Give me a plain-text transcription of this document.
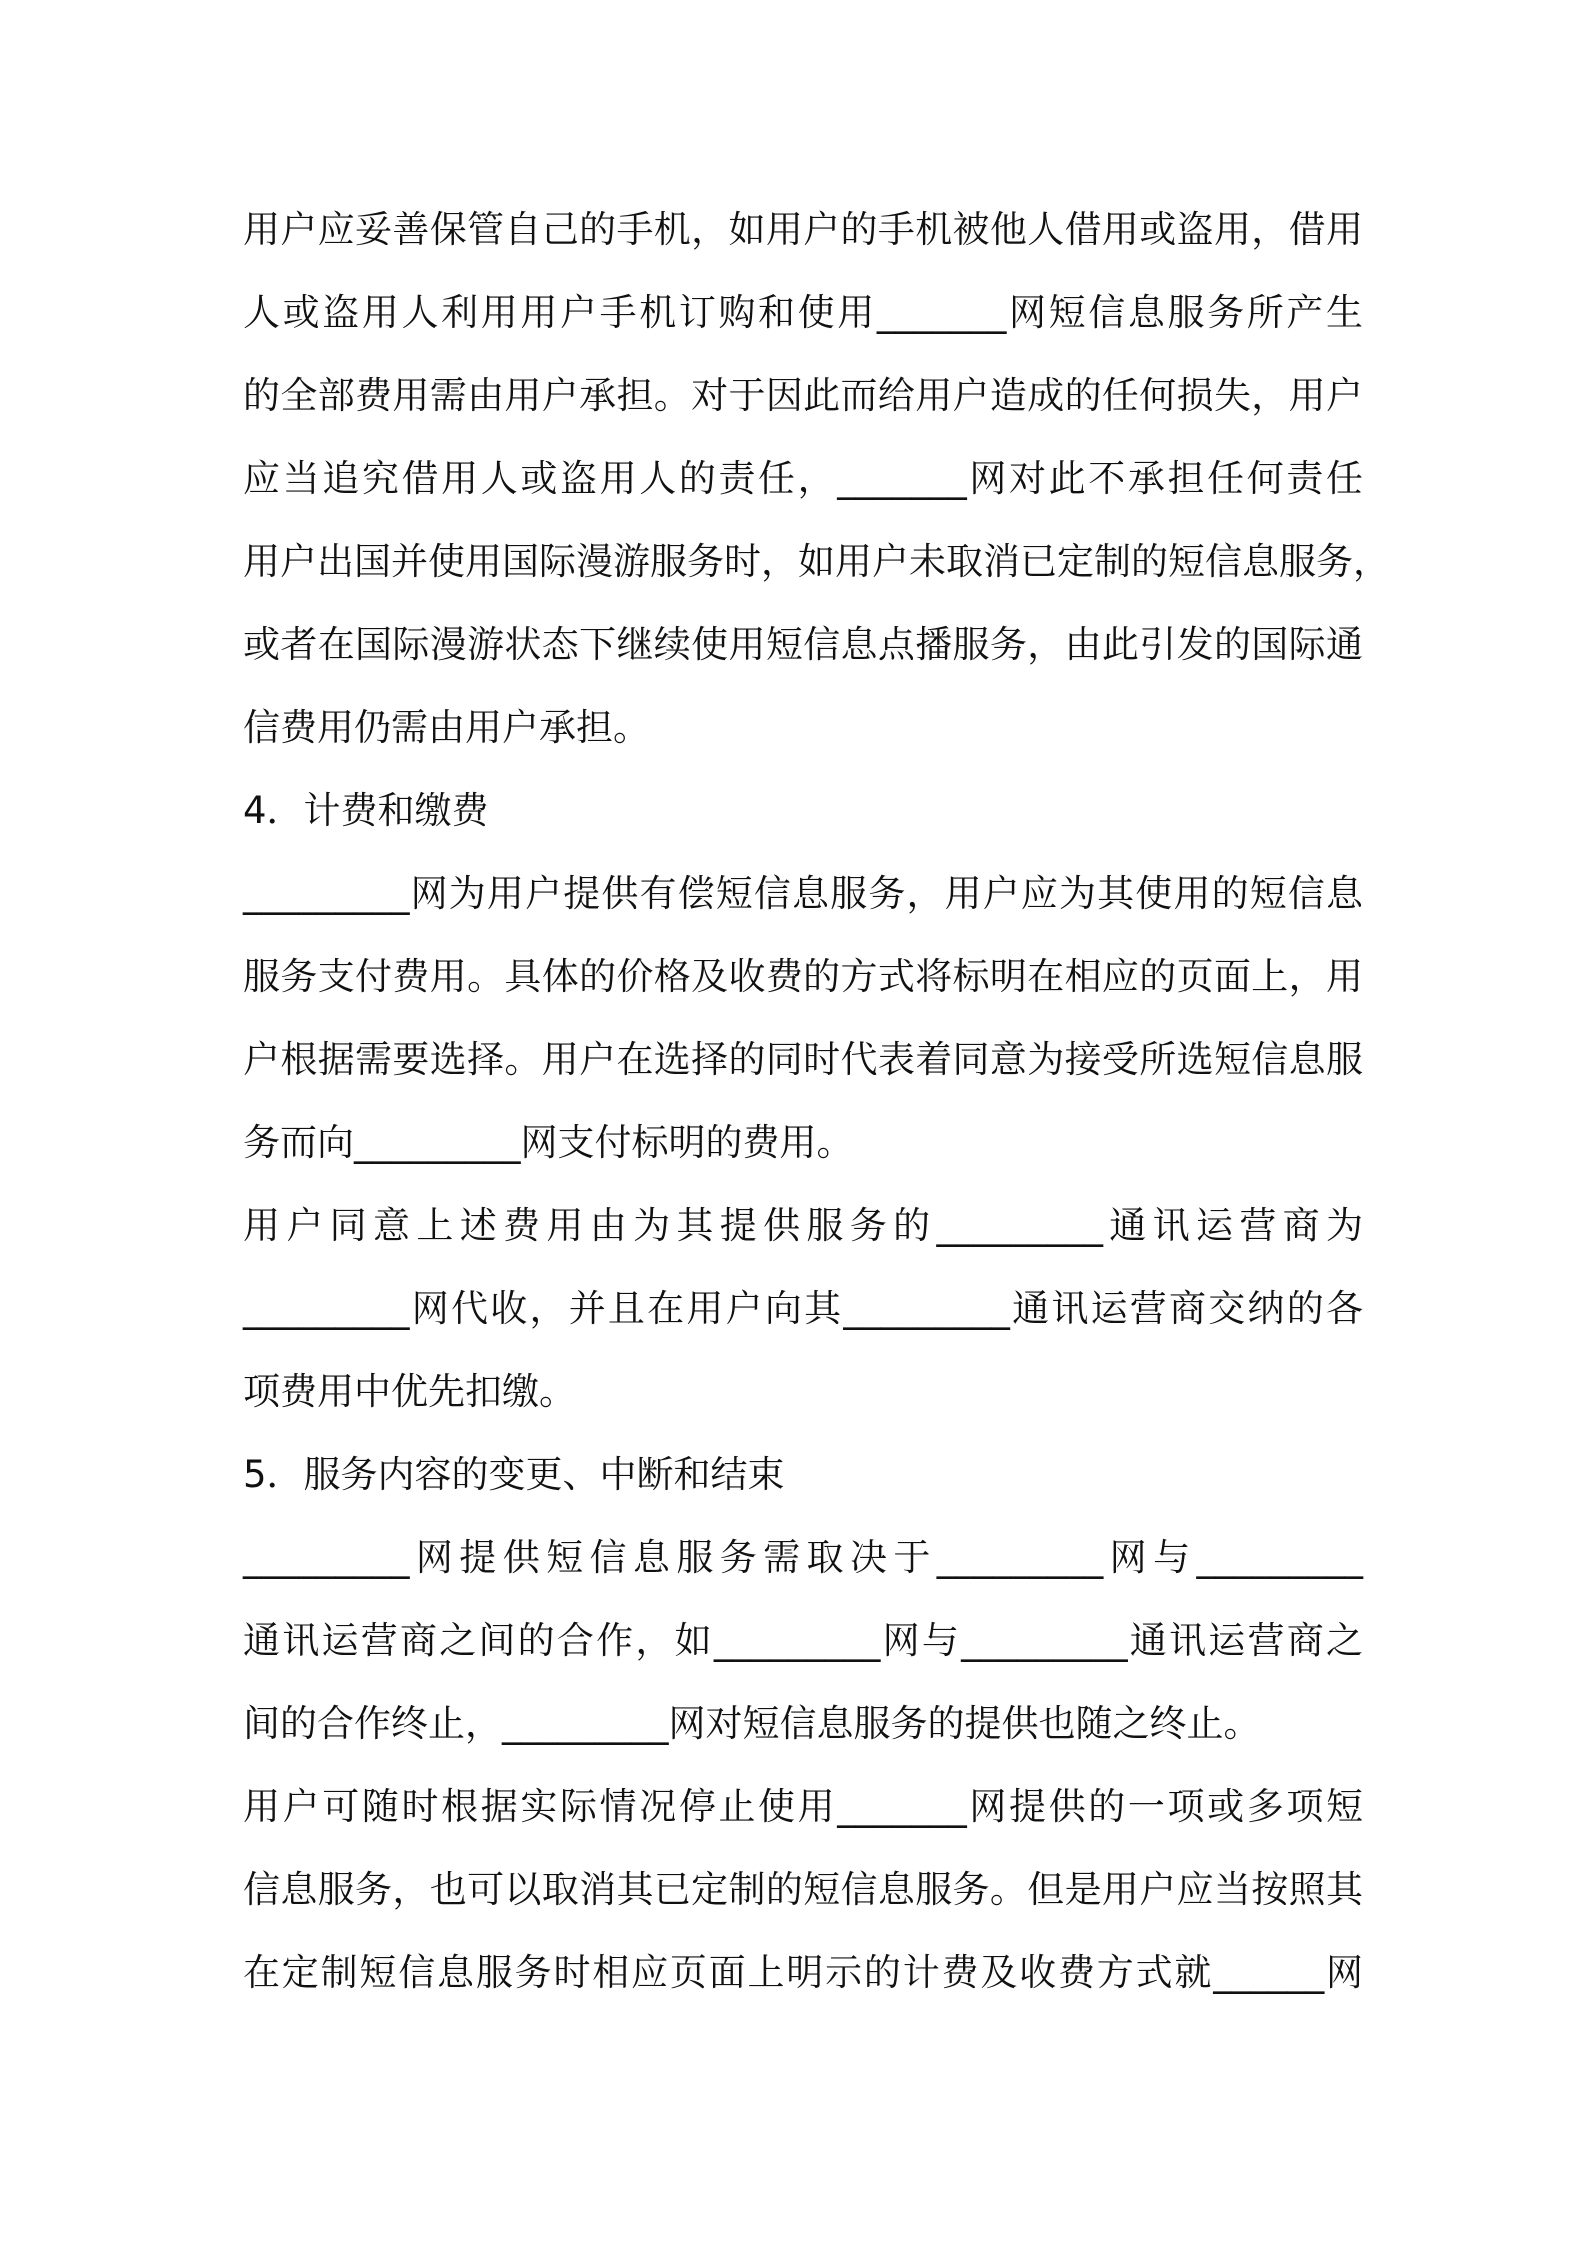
用户应妥善保管自己的手机，如用户的手机被他人借用或盗用，借用
人或盗用人利用用户手机订购和使用_______网短信息服务所产生
的全部费用需由用户承担。对于因此而给用户造成的任何损失，用户
应当追究借用人或盗用人的责任，_______网对此不承担任何责任
用户出国并使用国际漫游服务时，如用户未取消已定制的短信息服务，
或者在国际漫游状态下继续使用短信息点播服务，由此引发的国际通
信费用仍需由用户承担。
4．计费和缴费
_________网为用户提供有偿短信息服务，用户应为其使用的短信息
服务支付费用。具体的价格及收费的方式将标明在相应的页面上，用
户根据需要选择。用户在选择的同时代表着同意为接受所选短信息服
务而向_________网支付标明的费用。
用户同意上述费用由为其提供服务的_________通讯运营商为
_________网代收，并且在用户向其_________通讯运营商交纳的各
项费用中优先扣缴。
5．服务内容的变更、中断和结束
_________网提供短信息服务需取决于_________网与_________
通讯运营商之间的合作，如_________网与_________通讯运营商之
间的合作终止，_________网对短信息服务的提供也随之终止。
用户可随时根据实际情况停止使用_______网提供的一项或多项短
信息服务，也可以取消其已定制的短信息服务。但是用户应当按照其
在定制短信息服务时相应页面上明示的计费及收费方式就______网
